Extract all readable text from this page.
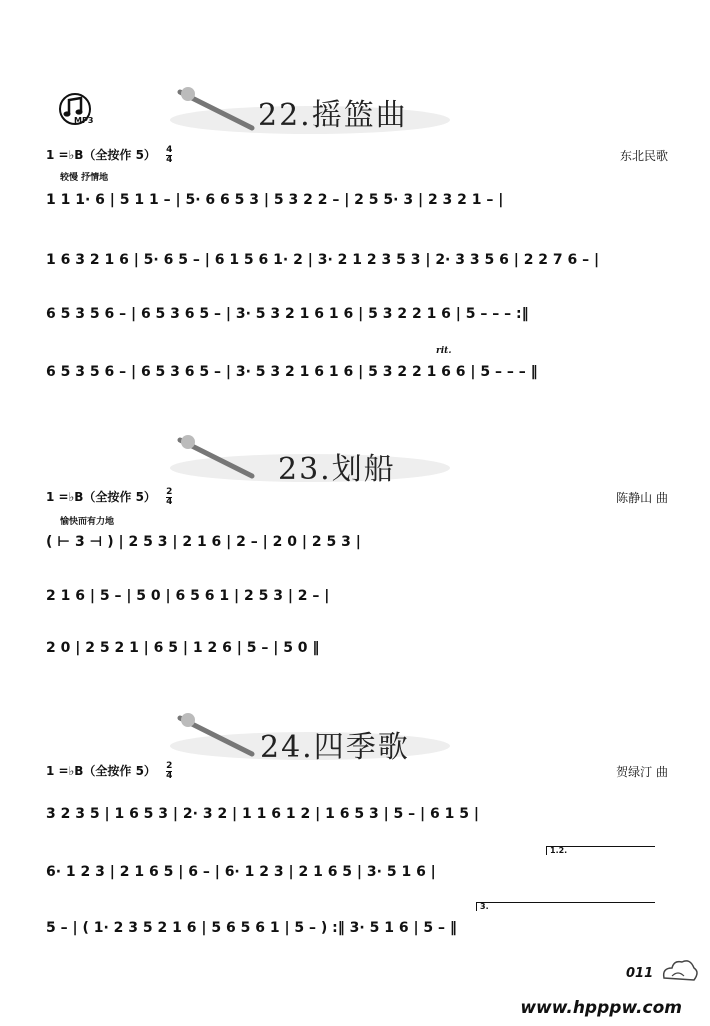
MP3	22.摇篮曲
1 =♭B（全按作 $5) \frac{4}{4}$	东北民歌
较慢 抒情地
1 1 1· 6 | 5 1 1 – | 5· 6 6 5 3 | 5 3 2 2 – | 2 5 5· 3 | 2 3 2 1 – |
1 6 3 2 1 6 | 5· 6 5 – | 6 1 5 6 1· 2 | 3· 2 1 2 3 5 3 | 2· 3 3 5 6 | 2 2 7 6 – |
6 5 3 5 6 – | 6 5 3 6 5 – | 3· 5 3 2 1 6 1 6 | 5 3 2 2 1 6 | 5 – – – :‖
rit.
6 5 3 5 6 – | 6 5 3 6 5 – | 3· 5 3 2 1 6 1 6 | 5 3 2 2 1 6 6 | 5 – – – ‖
23.划船
1 =♭B（全按作 $5) \frac{2}{4}$	陈静山 曲
愉快而有力地
( ⊢ 3 ⊣ ) | 2 5 3 | 2 1 6 | 2 – | 2 0 | 2 5 3 |
2 1 6 | 5 – | 5 0 | 6 5 6 1 | 2 5 3 | 2 – |
2 0 | 2 5 2 1 | 6 5 | 1 2 6 | 5 – | 5 0 ‖
24.四季歌
1 =♭B（全按作 $5) \frac{2}{4}$	贺绿汀 曲
3 2 3 5 | 1 6 5 3 | 2· 3 2 | 1 1 6 1 2 | 1 6 5 3 | 5 – | 6 1 5 |
1.2.
6· 1 2 3 | 2 1 6 5 | 6 – | 6· 1 2 3 | 2 1 6 5 | 3· 5 1 6 |
3.
5 – | ( 1· 2 3 5 2 1 6 | 5 6 5 6 1 | 5 – ) :‖ 3· 5 1 6 | 5 – ‖
011
www.hpppw.com
